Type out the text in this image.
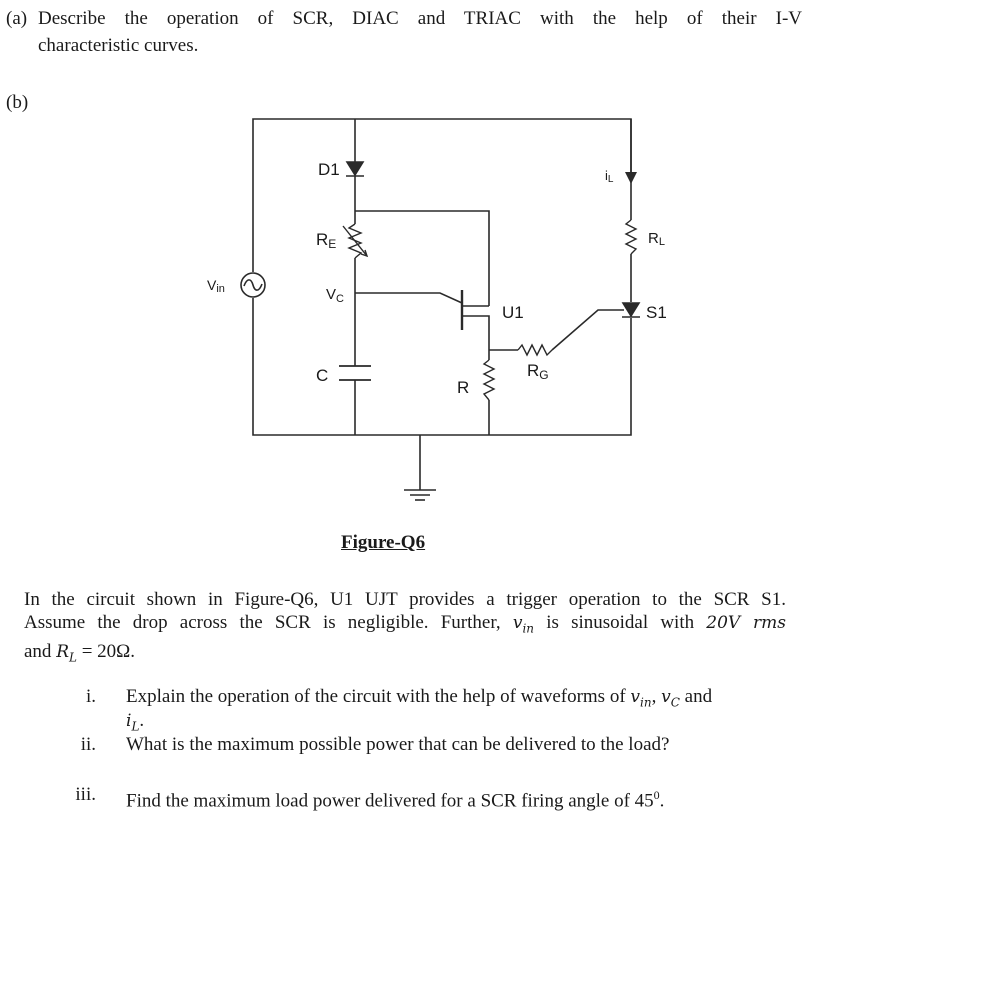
(a) Describe the operation of SCR, DIAC and TRIAC with the help of their I-V
characteristic curves.
(b)
D1
RE
$V_C$
C
Vin
U1
RG
R
iL
RL
S1
Figure-Q6
In the circuit shown in Figure-Q6, U1 UJT provides a trigger operation to the SCR S1.
Assume the drop across the SCR is negligible. Further, $v_{in}$ is sinusoidal with 20V rms
and $R_L = 20\Omega$.
i. Explain the operation of the circuit with the help of waveforms of $v_{in}$, $v_C$ and
$i_L$.
ii. What is the maximum possible power that can be delivered to the load?
iii. Find the maximum load power delivered for a SCR firing angle of $45^0$.
